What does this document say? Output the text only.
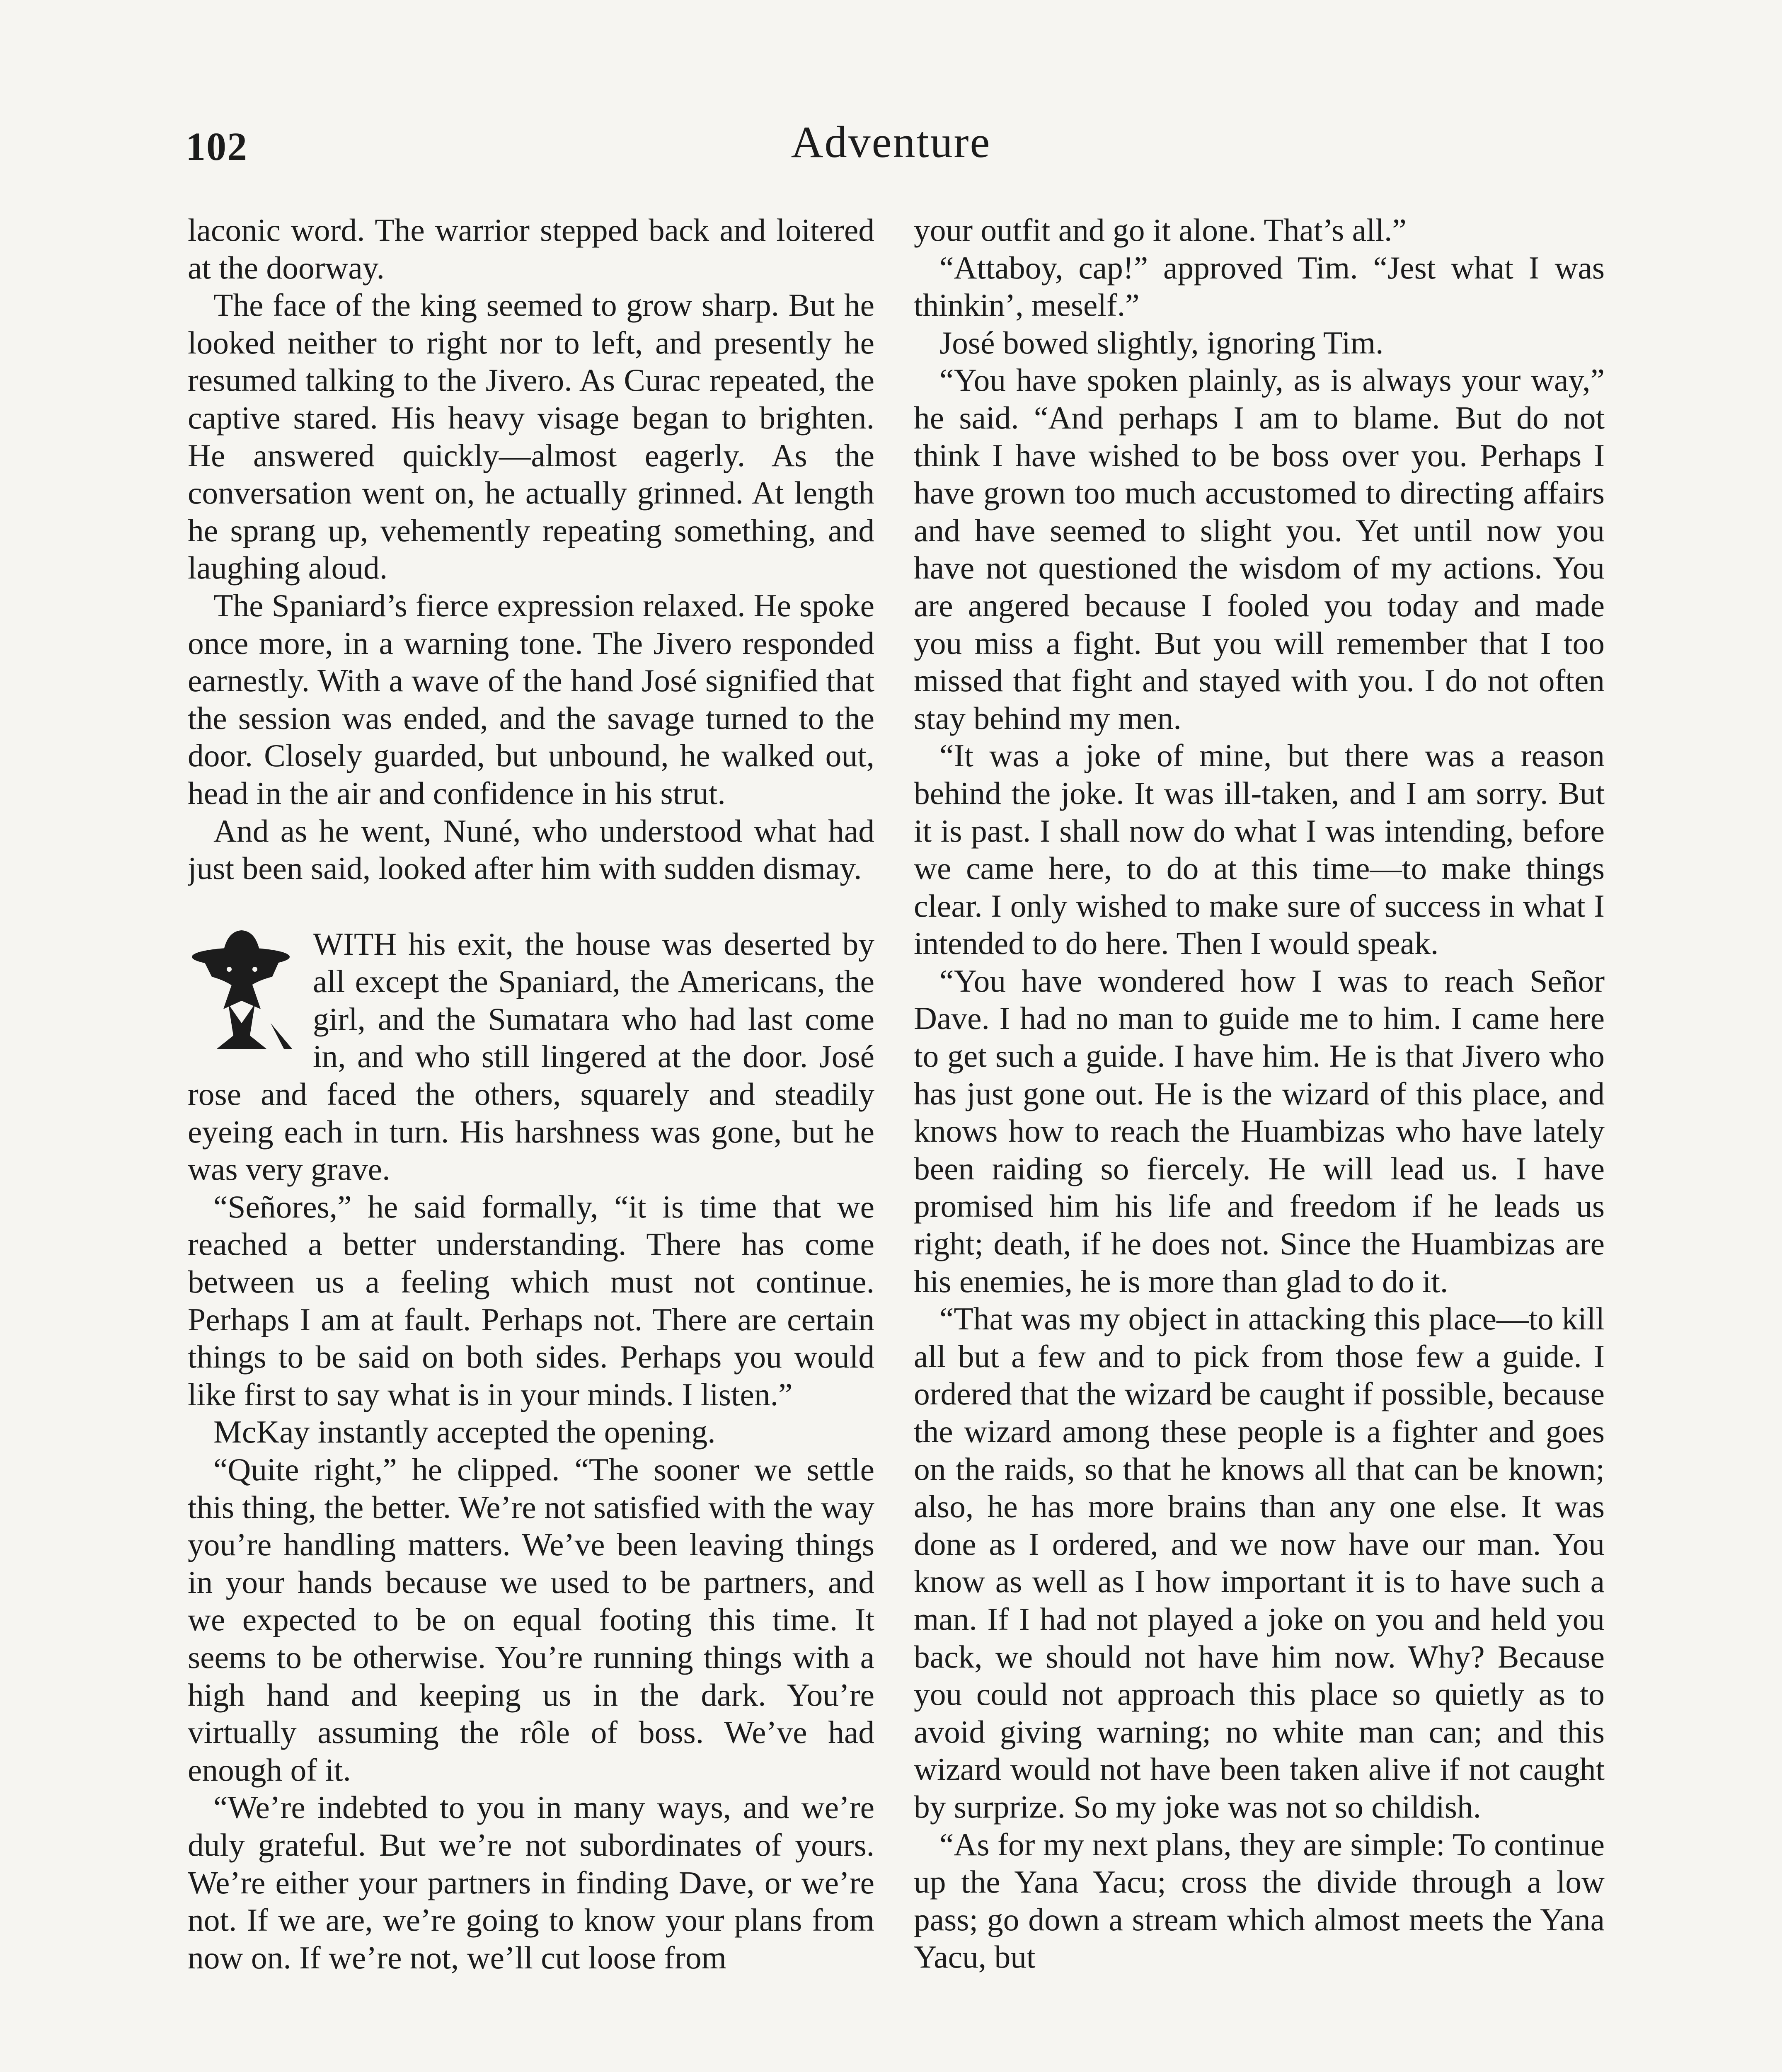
102	Adventure

laconic word. The warrior stepped back and loitered at the doorway.

The face of the king seemed to grow sharp. But he looked neither to right nor to left, and presently he resumed talking to the Jivero. As Curac repeated, the captive stared. His heavy visage began to brighten. He answered quickly—almost eagerly. As the conversation went on, he actually grinned. At length he sprang up, vehemently repeating something, and laughing aloud.

The Spaniard’s fierce expression relaxed. He spoke once more, in a warning tone. The Jivero responded earnestly. With a wave of the hand José signified that the session was ended, and the savage turned to the door. Closely guarded, but unbound, he walked out, head in the air and confidence in his strut.

And as he went, Nuné, who understood what had just been said, looked after him with sudden dismay.

WITH his exit, the house was deserted by all except the Spaniard, the Americans, the girl, and the Sumatara who had last come in, and who still lingered at the door. José rose and faced the others, squarely and steadily eyeing each in turn. His harshness was gone, but he was very grave.

“Señores,” he said formally, “it is time that we reached a better understanding. There has come between us a feeling which must not continue. Perhaps I am at fault. Perhaps not. There are certain things to be said on both sides. Perhaps you would like first to say what is in your minds. I listen.”

McKay instantly accepted the opening.

“Quite right,” he clipped. “The sooner we settle this thing, the better. We’re not satisfied with the way you’re handling matters. We’ve been leaving things in your hands because we used to be partners, and we expected to be on equal footing this time. It seems to be otherwise. You’re running things with a high hand and keeping us in the dark. You’re virtually assuming the rôle of boss. We’ve had enough of it.

“We’re indebted to you in many ways, and we’re duly grateful. But we’re not subordinates of yours. We’re either your partners in finding Dave, or we’re not. If we are, we’re going to know your plans from now on. If we’re not, we’ll cut loose from

your outfit and go it alone. That’s all.”

“Attaboy, cap!” approved Tim. “Jest what I was thinkin’, meself.”

José bowed slightly, ignoring Tim.

“You have spoken plainly, as is always your way,” he said. “And perhaps I am to blame. But do not think I have wished to be boss over you. Perhaps I have grown too much accustomed to directing affairs and have seemed to slight you. Yet until now you have not questioned the wisdom of my actions. You are angered because I fooled you today and made you miss a fight. But you will remember that I too missed that fight and stayed with you. I do not often stay behind my men.

“It was a joke of mine, but there was a reason behind the joke. It was ill-taken, and I am sorry. But it is past. I shall now do what I was intending, before we came here, to do at this time—to make things clear. I only wished to make sure of success in what I intended to do here. Then I would speak.

“You have wondered how I was to reach Señor Dave. I had no man to guide me to him. I came here to get such a guide. I have him. He is that Jivero who has just gone out. He is the wizard of this place, and knows how to reach the Huambizas who have lately been raiding so fiercely. He will lead us. I have promised him his life and freedom if he leads us right; death, if he does not. Since the Huambizas are his enemies, he is more than glad to do it.

“That was my object in attacking this place—to kill all but a few and to pick from those few a guide. I ordered that the wizard be caught if possible, because the wizard among these people is a fighter and goes on the raids, so that he knows all that can be known; also, he has more brains than any one else. It was done as I ordered, and we now have our man. You know as well as I how important it is to have such a man. If I had not played a joke on you and held you back, we should not have him now. Why? Because you could not approach this place so quietly as to avoid giving warning; no white man can; and this wizard would not have been taken alive if not caught by surprize. So my joke was not so childish.

“As for my next plans, they are simple: To continue up the Yana Yacu; cross the divide through a low pass; go down a stream which almost meets the Yana Yacu, but
